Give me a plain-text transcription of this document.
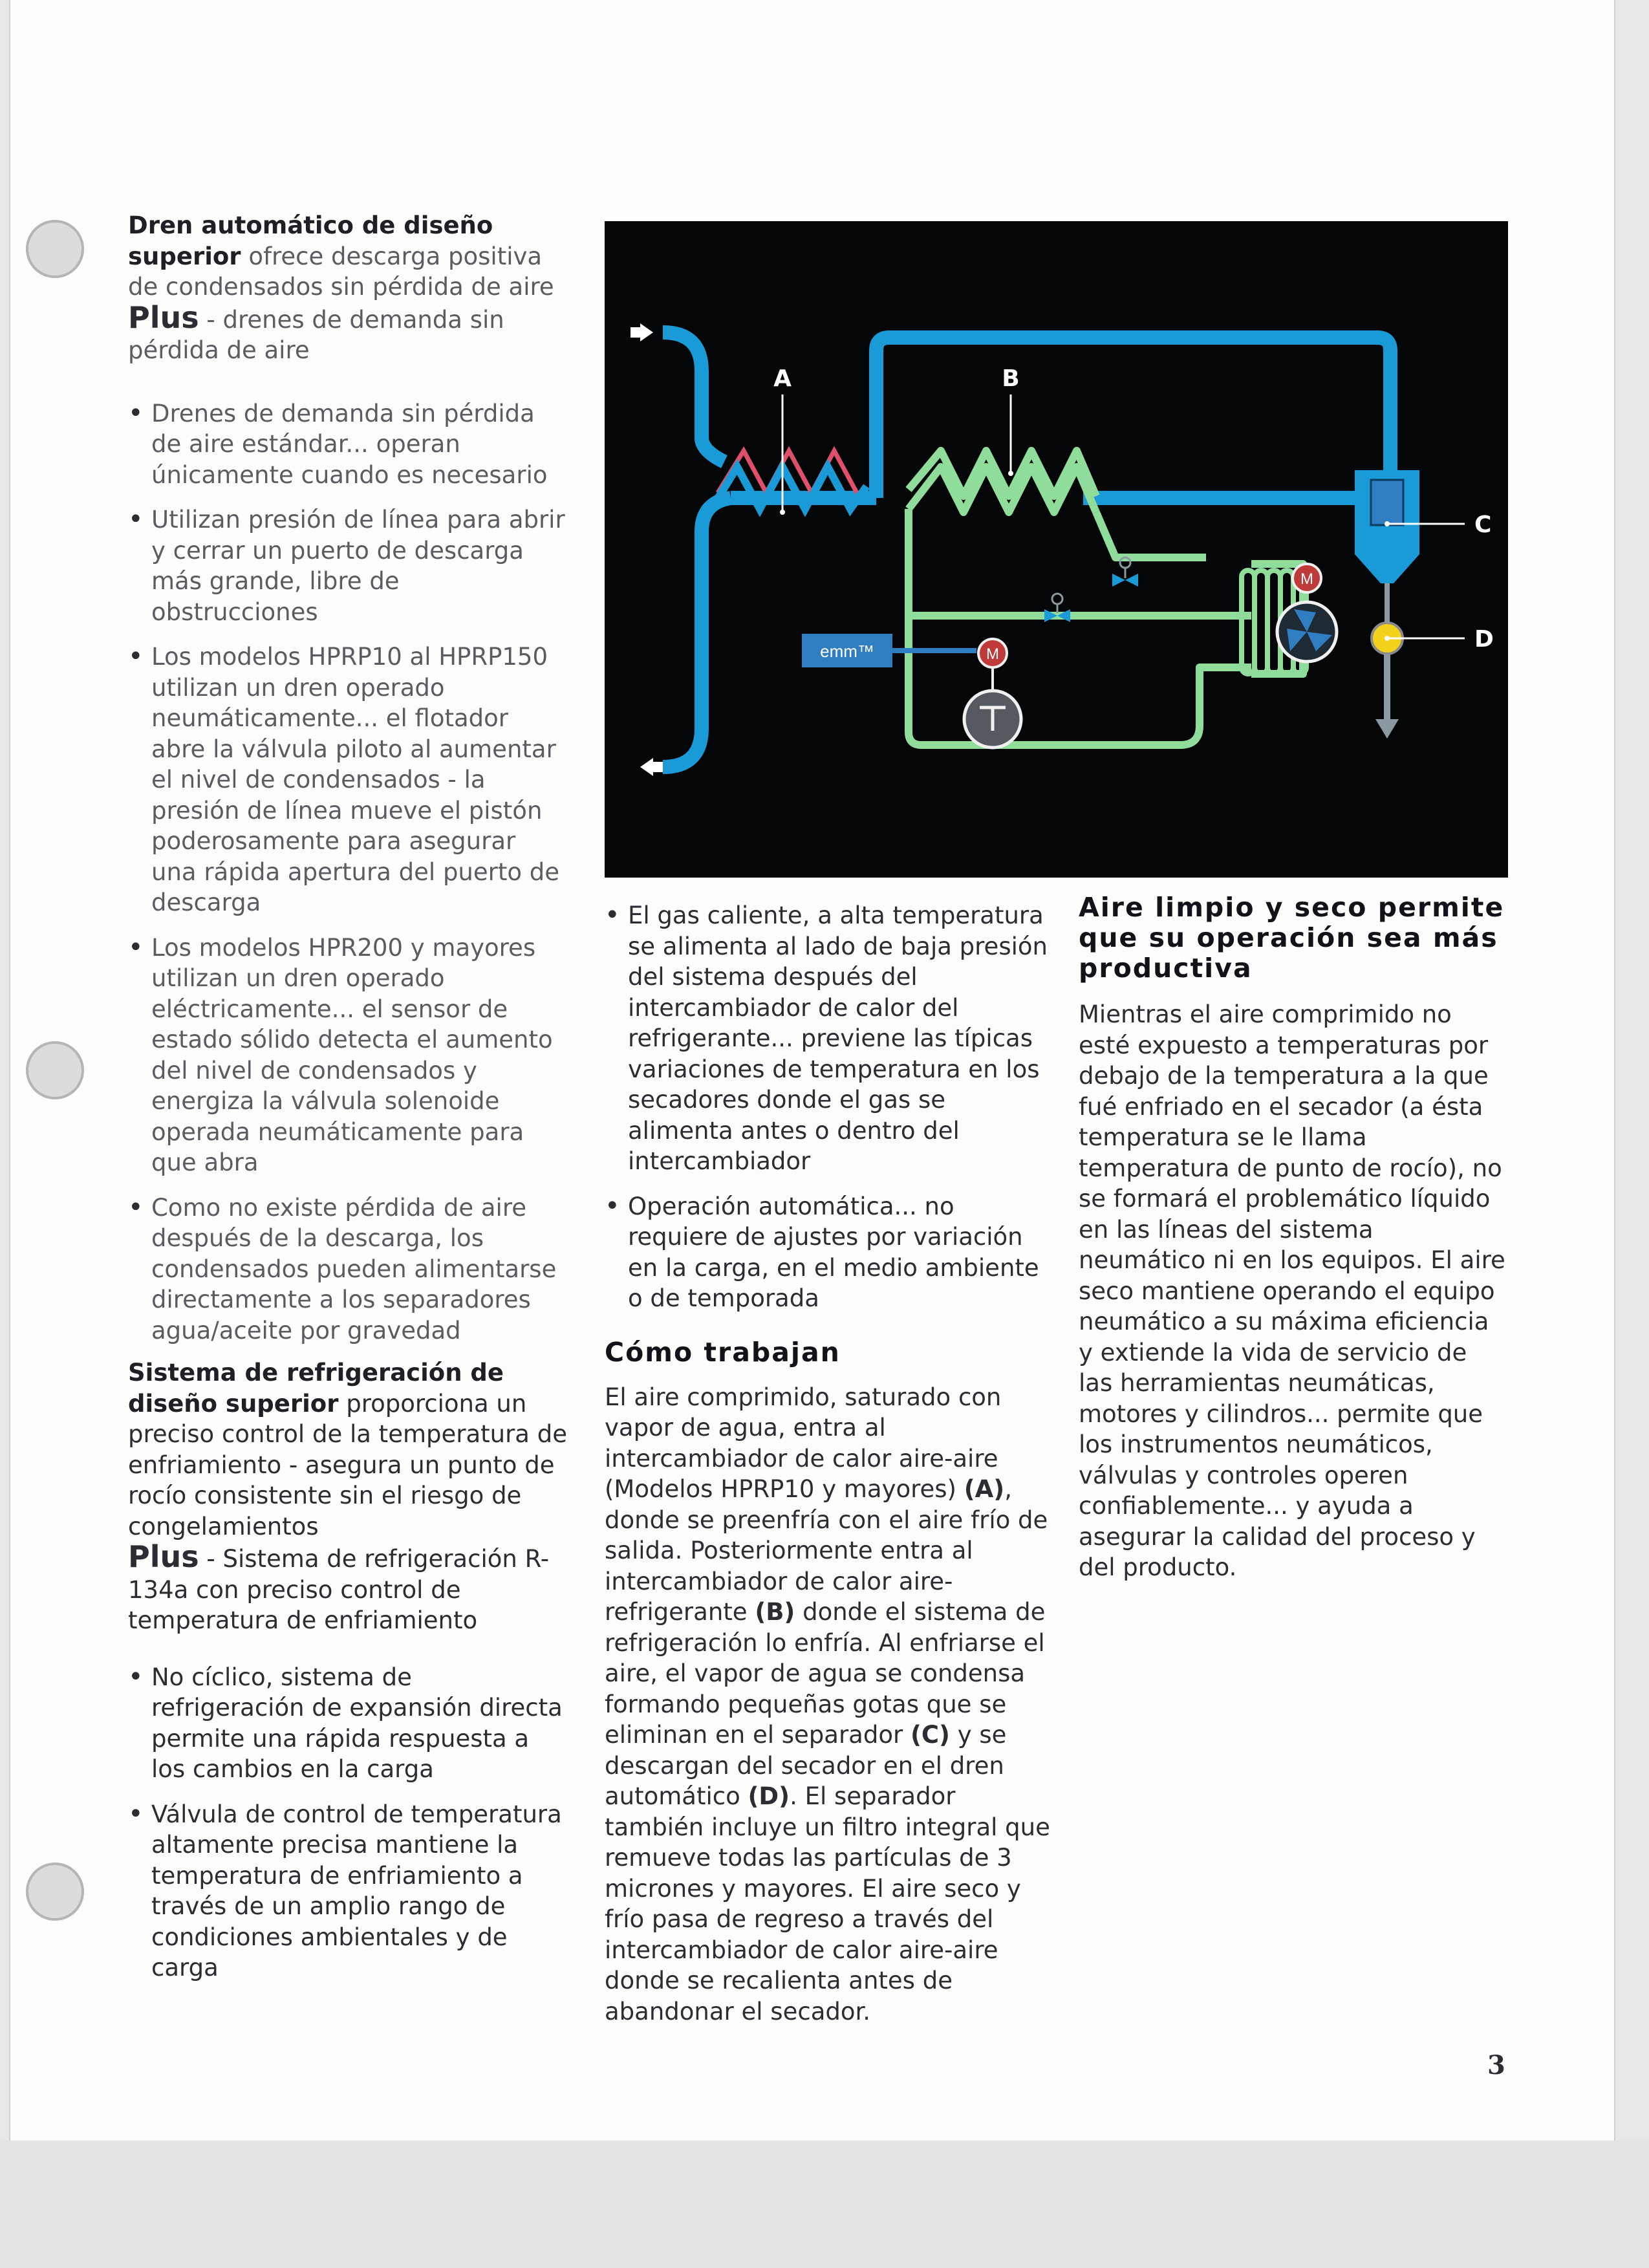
Dren automático de diseño superior ofrece descarga positiva de condensados sin pérdida de aire

Plus - drenes de demanda sin pérdida de aire

• Drenes de demanda sin pérdida de aire estándar... operan únicamente cuando es necesario
• Utilizan presión de línea para abrir y cerrar un puerto de descarga más grande, libre de obstrucciones
• Los modelos HPRP10 al HPRP150 utilizan un dren operado neumáticamente... el flotador abre la válvula piloto al aumentar el nivel de condensados - la presión de línea mueve el pistón poderosamente para asegurar una rápida apertura del puerto de descarga
• Los modelos HPR200 y mayores utilizan un dren operado eléctricamente... el sensor de estado sólido detecta el aumento del nivel de condensados y energiza la válvula solenoide operada neumáticamente para que abra
• Como no existe pérdida de aire después de la descarga, los condensados pueden alimentarse directamente a los separadores agua/aceite por gravedad

Sistema de refrigeración de diseño superior proporciona un preciso control de la temperatura de enfriamiento - asegura un punto de rocío consistente sin el riesgo de congelamientos

Plus - Sistema de refrigeración R-134a con preciso control de temperatura de enfriamiento

• No cíclico, sistema de refrigeración de expansión directa permite una rápida respuesta a los cambios en la carga
• Válvula de control de temperatura altamente precisa mantiene la temperatura de enfriamiento a través de un amplio rango de condiciones ambientales y de carga
emm™	M
M
A	B
C
D
• El gas caliente, a alta temperatura se alimenta al lado de baja presión del sistema después del intercambiador de calor del refrigerante... previene las típicas variaciones de temperatura en los secadores donde el gas se alimenta antes o dentro del intercambiador
• Operación automática... no requiere de ajustes por variación en la carga, en el medio ambiente o de temporada
Cómo trabajan

El aire comprimido, saturado con vapor de agua, entra al intercambiador de calor aire-aire (Modelos HPRP10 y mayores) (A), donde se preenfría con el aire frío de salida. Posteriormente entra al intercambiador de calor aire-refrigerante (B) donde el sistema de refrigeración lo enfría. Al enfriarse el aire, el vapor de agua se condensa formando pequeñas gotas que se eliminan en el separador (C) y se descargan del secador en el dren automático (D). El separador también incluye un filtro integral que remueve todas las partículas de 3 micrones y mayores. El aire seco y frío pasa de regreso a través del intercambiador de calor aire-aire donde se recalienta antes de abandonar el secador.

Aire limpio y seco permite que su operación sea más productiva

Mientras el aire comprimido no esté expuesto a temperaturas por debajo de la temperatura a la que fué enfriado en el secador (a ésta temperatura se le llama temperatura de punto de rocío), no se formará el problemático líquido en las líneas del sistema neumático ni en los equipos. El aire seco mantiene operando el equipo neumático a su máxima eficiencia y extiende la vida de servicio de las herramientas neumáticas, motores y cilindros... permite que los instrumentos neumáticos, válvulas y controles operen confiablemente... y ayuda a asegurar la calidad del proceso y del producto.

3
